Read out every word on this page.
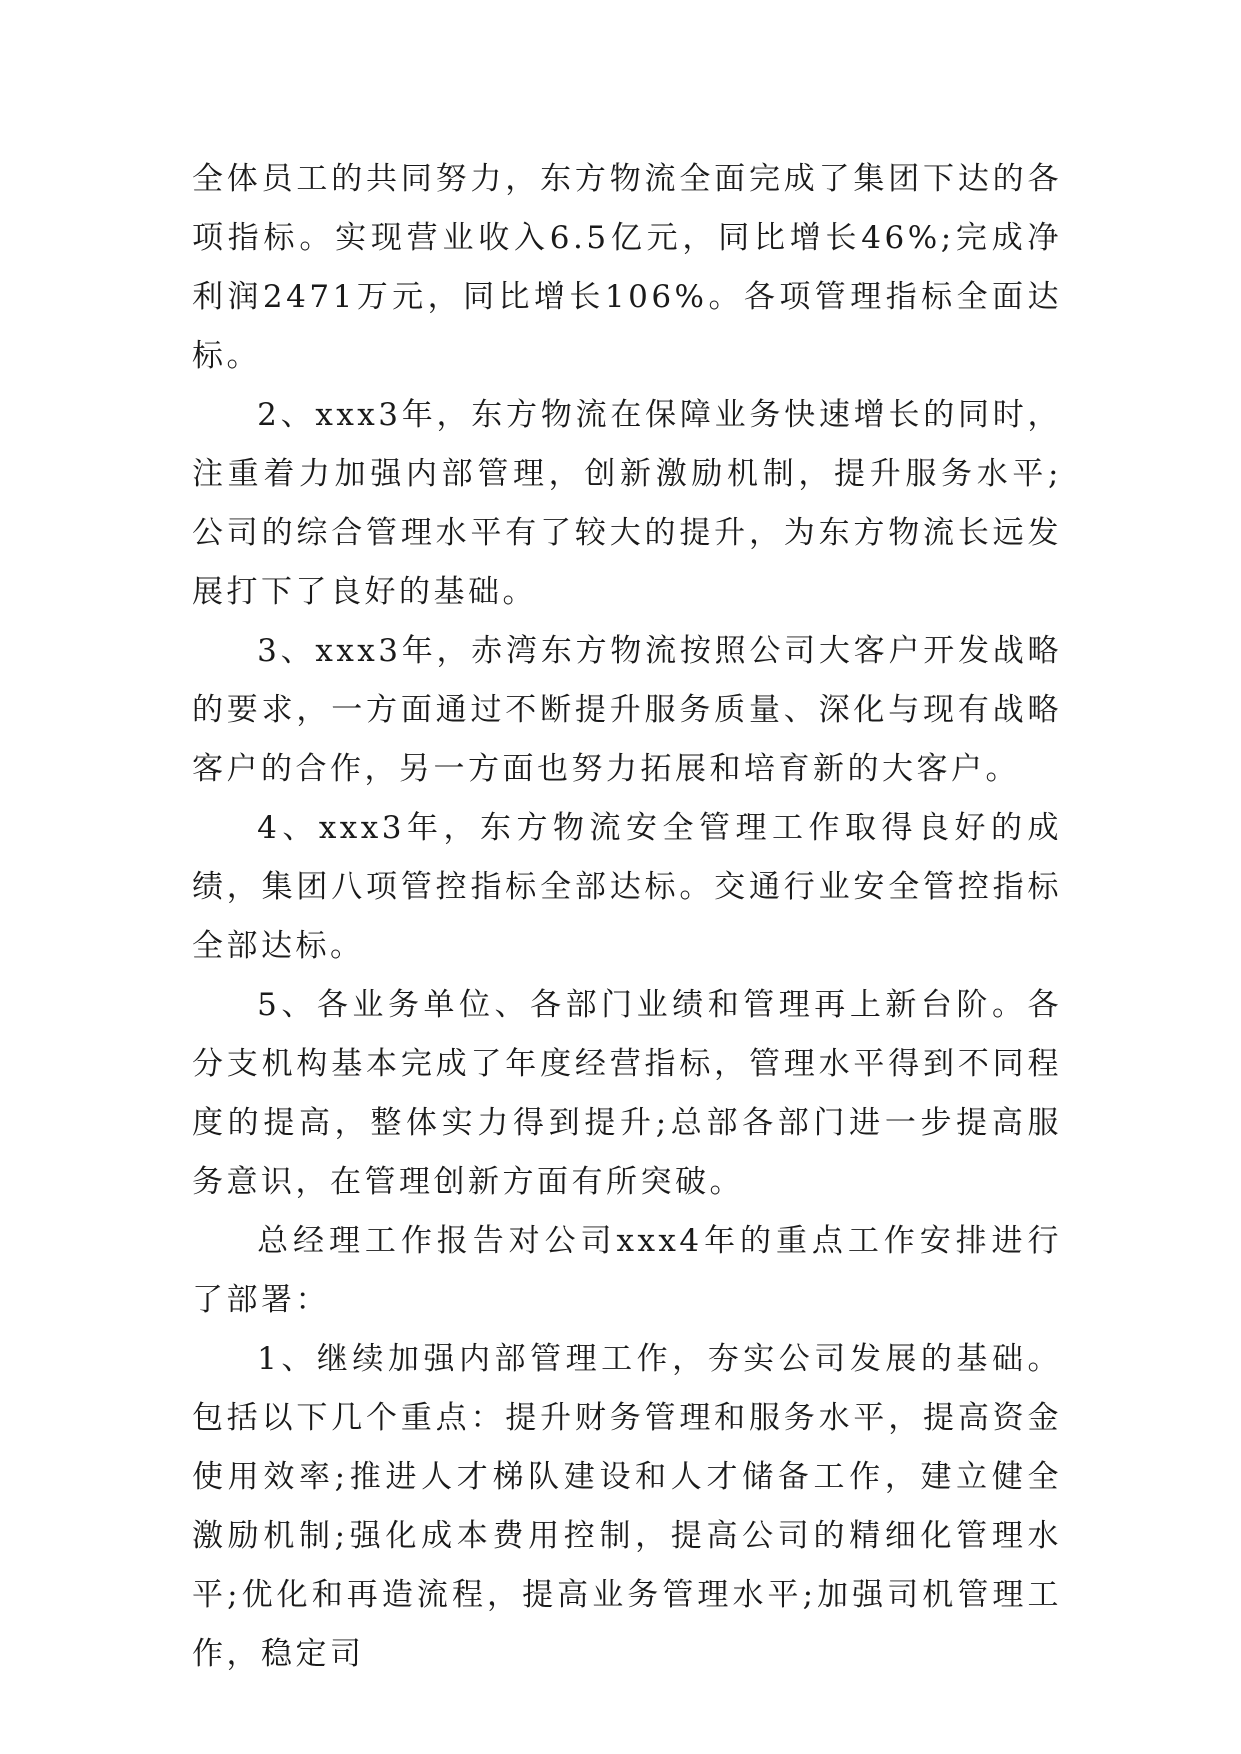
全体员工的共同努力，东方物流全面完成了集团下达的各项指标。实现营业收入6.5亿元，同比增长46%;完成净利润2471万元，同比增长106%。各项管理指标全面达标。

2、xxx3年，东方物流在保障业务快速增长的同时，注重着力加强内部管理，创新激励机制，提升服务水平;公司的综合管理水平有了较大的提升，为东方物流长远发展打下了良好的基础。

3、xxx3年，赤湾东方物流按照公司大客户开发战略的要求，一方面通过不断提升服务质量、深化与现有战略客户的合作，另一方面也努力拓展和培育新的大客户。

4、xxx3年，东方物流安全管理工作取得良好的成绩，集团八项管控指标全部达标。交通行业安全管控指标全部达标。

5、各业务单位、各部门业绩和管理再上新台阶。各分支机构基本完成了年度经营指标，管理水平得到不同程度的提高，整体实力得到提升;总部各部门进一步提高服务意识，在管理创新方面有所突破。

总经理工作报告对公司xxx4年的重点工作安排进行了部署：

1、继续加强内部管理工作，夯实公司发展的基础。包括以下几个重点：提升财务管理和服务水平，提高资金使用效率;推进人才梯队建设和人才储备工作，建立健全激励机制;强化成本费用控制，提高公司的精细化管理水平;优化和再造流程，提高业务管理水平;加强司机管理工作，稳定司
